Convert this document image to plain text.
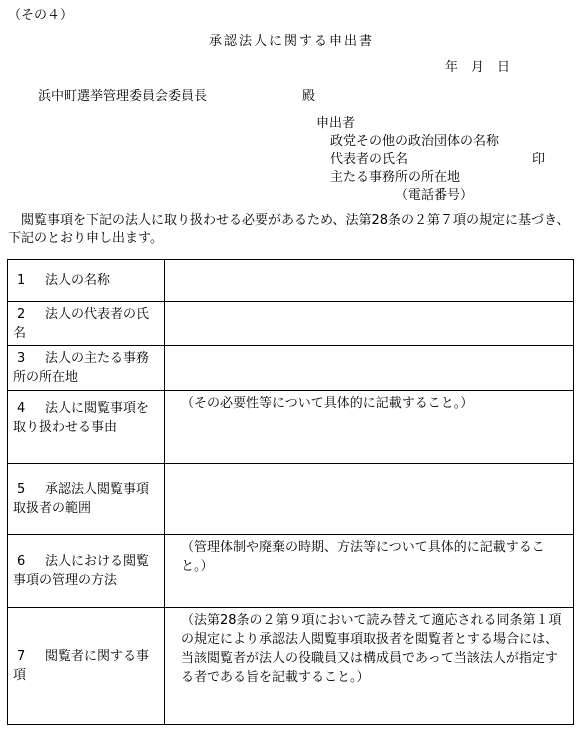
（その４）
承認法人に関する申出書
年　月　日
浜中町選挙管理委員会委員長	殿
申出者
政党その他の政治団体の名称
代表者の氏名	印
主たる事務所の所在地
（電話番号）
閲覧事項を下記の法人に取り扱わせる必要があるため、法第28条の２第７項の規定に基づき、下記のとおり申し出ます。
1 法人の名称	

2 法人の代表者の氏名	

3 法人の主たる事務所の所在地	

4 法人に閲覧事項を取り扱わせる事由	（その必要性等について具体的に記載すること。）

5 承認法人閲覧事項取扱者の範囲	

6 法人における閲覧事項の管理の方法	（管理体制や廃棄の時期、方法等について具体的に記載すること。）

7 閲覧者に関する事項	（法第28条の２第９項において読み替えて適応される同条第１項の規定により承認法人閲覧事項取扱者を閲覧者とする場合には、当該閲覧者が法人の役職員又は構成員であって当該法人が指定する者である旨を記載すること。）
